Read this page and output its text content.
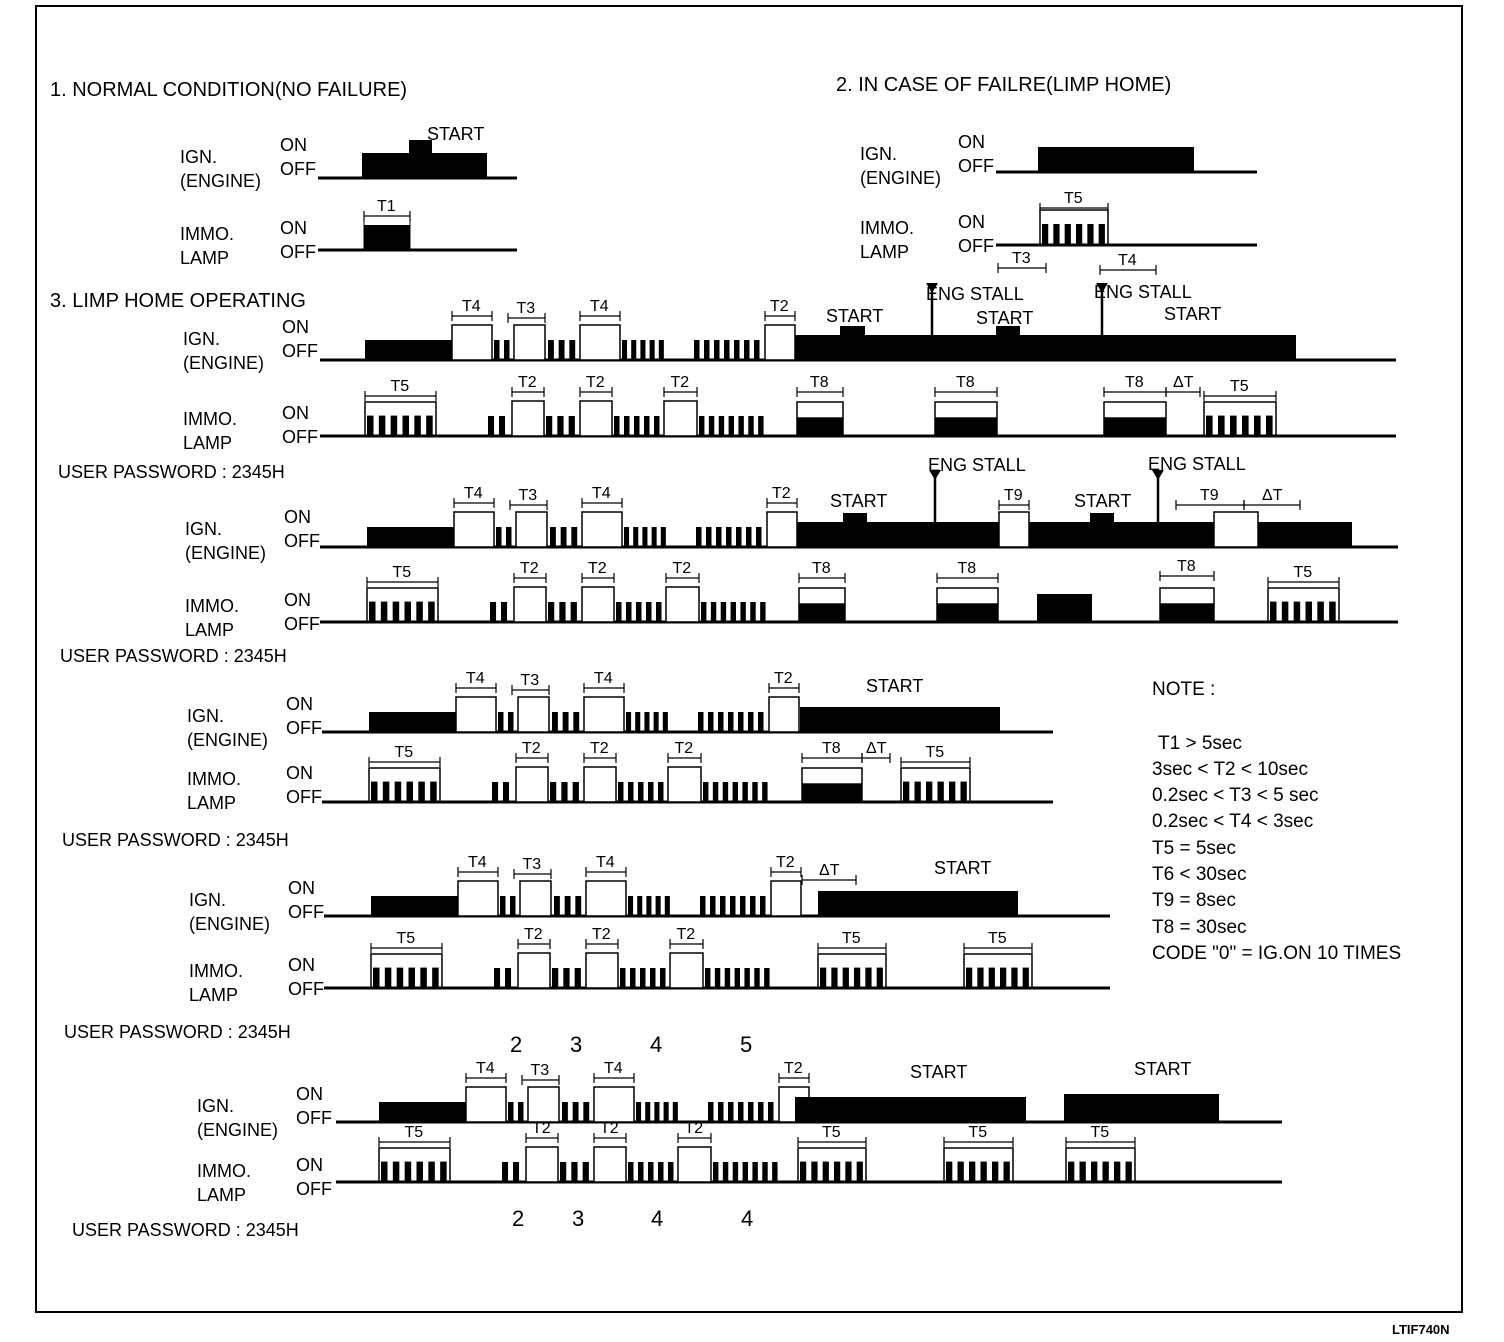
1. NORMAL CONDITION(NO FAILURE)	2. IN CASE OF FAILRE(LIMP HOME)
3. LIMP HOME OPERATING
IGN.
(ENGINE)
ON
OFF
IMMO.
LAMP
ON
OFF
START
T1
IGN.
(ENGINE)
ON
OFF
IMMO.
LAMP
ON
OFF
T5
T3	T4
IGN.
(ENGINE)
ON
OFF
IMMO.
LAMP
ON
OFF
USER PASSWORD : 2345H
T4 T3	T4	T2
T5	T2	T2	T2
IGN.
(ENGINE)
ON
OFF
IMMO.
LAMP
ON
OFF
USER PASSWORD : 2345H
T4 T3	T4	T2
T5	T2	T2	T2
IGN.
(ENGINE)
ON
OFF
IMMO.
LAMP
ON
OFF
USER PASSWORD : 2345H
T4 T3	T4	T2
T5	T2	T2	T2
IGN.
(ENGINE)
ON
OFF
IMMO.
LAMP
ON
OFF
USER PASSWORD : 2345H
T4 T3	T4	T2
T5	T2	T2	T2
IGN.
(ENGINE)
ON
OFF
IMMO.
LAMP
ON
OFF
USER PASSWORD : 2345H
T4 T3	T4	T2
T5	T2	T2	T2
START
ENG STALL
START
ENG STALL
START
T8	T8	T8 ΔT T5
START
ENG STALL
T9	START
ENG STALL
T9	ΔT
T8	T8	T8	T5
START
T8 ΔT T5
START
ΔT
T5	T5
START	START
T5	T5	T5
2 3	4	5
2 3	4	4
NOTE :
T1 > 5sec
3sec < T2 < 10sec
0.2sec < T3 < 5 sec
0.2sec < T4 < 3sec
T5 = 5sec
T6 < 30sec
T9 = 8sec
T8 = 30sec
CODE "0" = IG.ON 10 TIMES
LTIF740N
